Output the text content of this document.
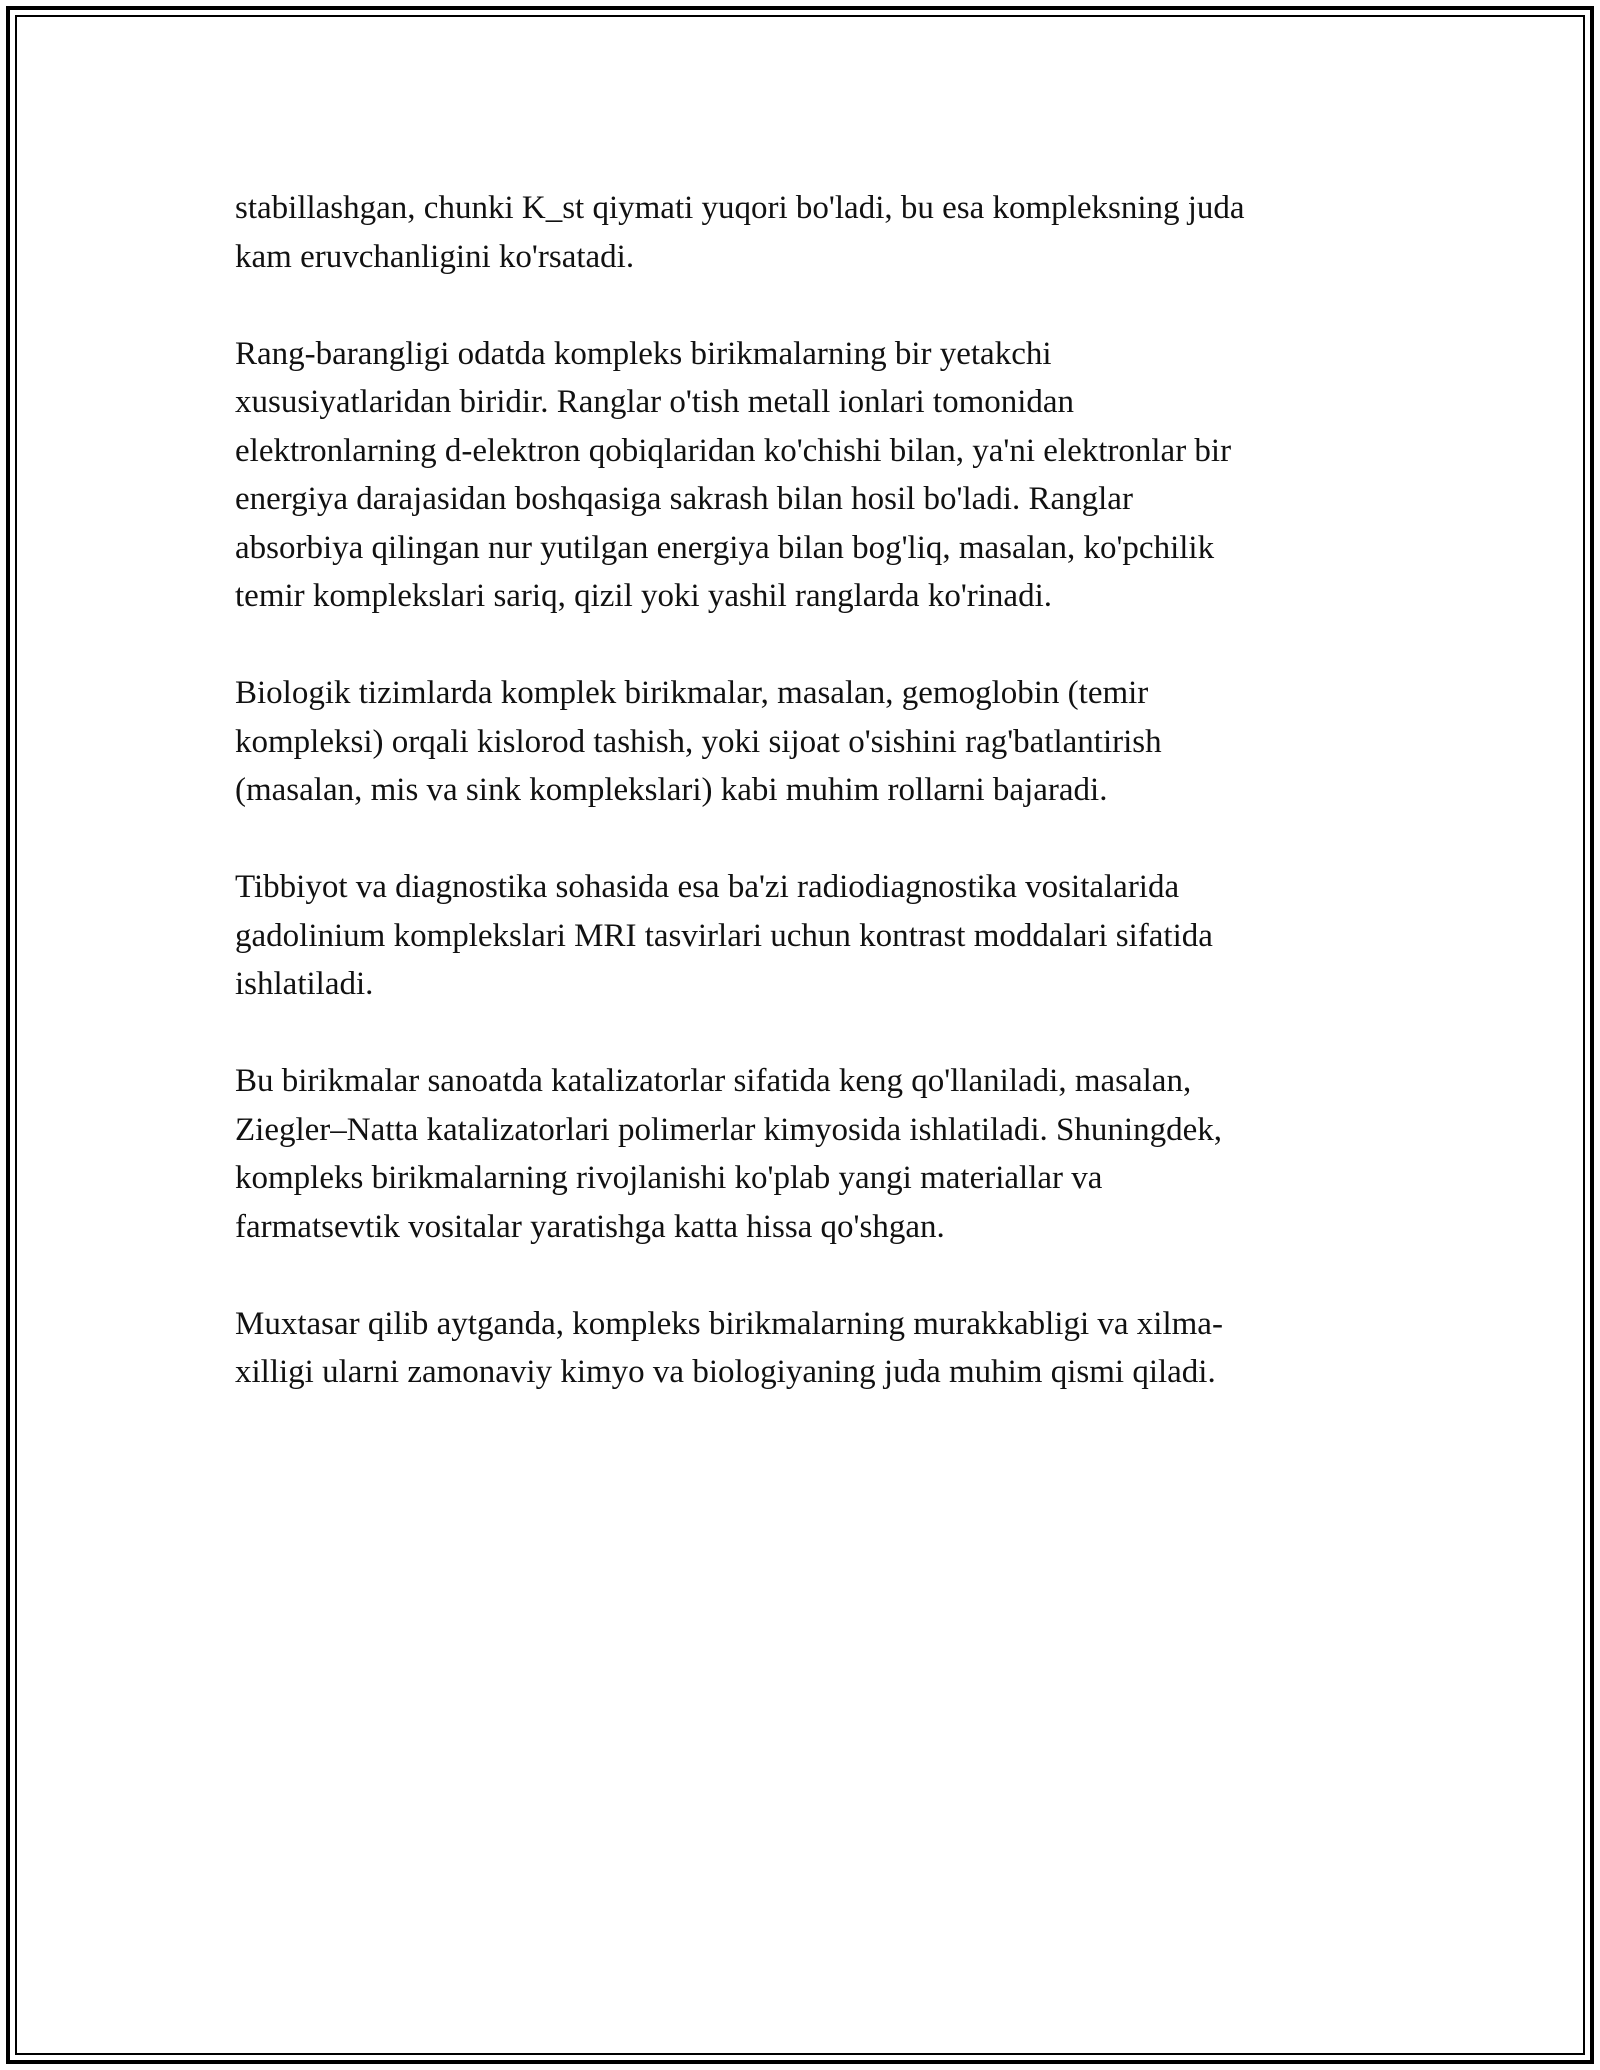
stabillashgan, chunki K_st qiymati yuqori bo'ladi, bu esa kompleksning juda
kam eruvchanligini ko'rsatadi.

Rang-barangligi odatda kompleks birikmalarning bir yetakchi
xususiyatlaridan biridir. Ranglar o'tish metall ionlari tomonidan
elektronlarning d-elektron qobiqlaridan ko'chishi bilan, ya'ni elektronlar bir
energiya darajasidan boshqasiga sakrash bilan hosil bo'ladi. Ranglar
absorbiya qilingan nur yutilgan energiya bilan bog'liq, masalan, ko'pchilik
temir komplekslari sariq, qizil yoki yashil ranglarda ko'rinadi.

Biologik tizimlarda komplek birikmalar, masalan, gemoglobin (temir
kompleksi) orqali kislorod tashish, yoki sijoat o'sishini rag'batlantirish
(masalan, mis va sink komplekslari) kabi muhim rollarni bajaradi.

Tibbiyot va diagnostika sohasida esa ba'zi radiodiagnostika vositalarida
gadolinium komplekslari MRI tasvirlari uchun kontrast moddalari sifatida
ishlatiladi.

Bu birikmalar sanoatda katalizatorlar sifatida keng qo'llaniladi, masalan,
Ziegler–Natta katalizatorlari polimerlar kimyosida ishlatiladi. Shuningdek,
kompleks birikmalarning rivojlanishi ko'plab yangi materiallar va
farmatsevtik vositalar yaratishga katta hissa qo'shgan.

Muxtasar qilib aytganda, kompleks birikmalarning murakkabligi va xilma-
xilligi ularni zamonaviy kimyo va biologiyaning juda muhim qismi qiladi.
